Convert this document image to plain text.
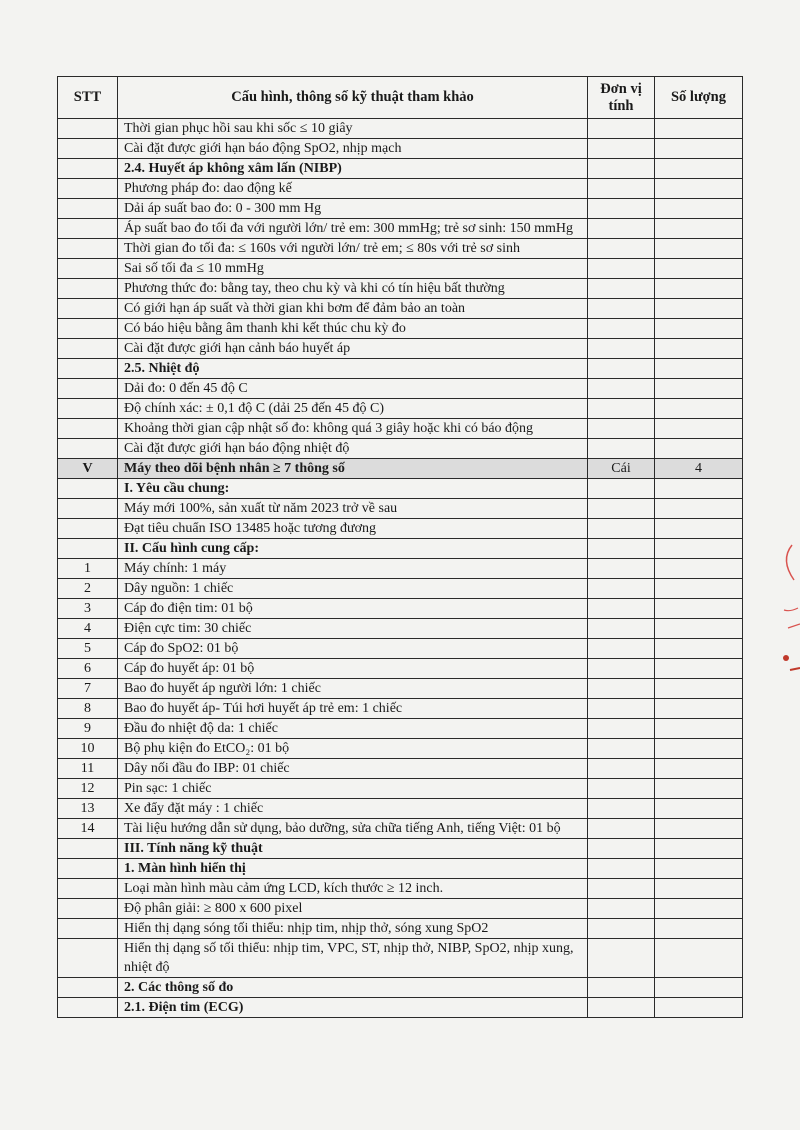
STT	Cấu hình, thông số kỹ thuật tham khảo	Đơn vị tính	Số lượng
	Thời gian phục hồi sau khi sốc ≤ 10 giây		
	Cài đặt được giới hạn báo động SpO2, nhịp mạch		
	2.4. Huyết áp không xâm lấn (NIBP)		
	Phương pháp đo: dao động kế		
	Dải áp suất bao đo: 0 - 300 mm Hg		
	Áp suất bao đo tối đa với người lớn/ trẻ em: 300 mmHg; trẻ sơ sinh: 150 mmHg		
	Thời gian đo tối đa: ≤ 160s với người lớn/ trẻ em; ≤ 80s với trẻ sơ sinh		
	Sai số tối đa ≤ 10 mmHg		
	Phương thức đo: bằng tay, theo chu kỳ và khi có tín hiệu bất thường		
	Có giới hạn áp suất và thời gian khi bơm để đảm bảo an toàn		
	Có báo hiệu bằng âm thanh khi kết thúc chu kỳ đo		
	Cài đặt được giới hạn cảnh báo huyết áp		
	2.5. Nhiệt độ		
	Dải đo: 0 đến 45 độ C		
	Độ chính xác: ± 0,1 độ C (dải 25 đến 45 độ C)		
	Khoảng thời gian cập nhật số đo: không quá 3 giây hoặc khi có báo động		
	Cài đặt được giới hạn báo động nhiệt độ		
V	Máy theo dõi bệnh nhân ≥ 7 thông số	Cái	4
	I. Yêu cầu chung:		
	Máy mới 100%, sản xuất từ năm 2023 trở về sau		
	Đạt tiêu chuẩn ISO 13485 hoặc tương đương		
	II. Cấu hình cung cấp:		
1	Máy chính: 1 máy		
2	Dây nguồn: 1 chiếc		
3	Cáp đo điện tim: 01 bộ		
4	Điện cực tim: 30 chiếc		
5	Cáp đo SpO2: 01 bộ		
6	Cáp đo huyết áp: 01 bộ		
7	Bao đo huyết áp người lớn: 1 chiếc		
8	Bao đo huyết áp- Túi hơi huyết áp trẻ em: 1 chiếc		
9	Đầu đo nhiệt độ da: 1 chiếc		
10	Bộ phụ kiện đo EtCO₂: 01 bộ		
11	Dây nối đầu đo IBP: 01 chiếc		
12	Pin sạc: 1 chiếc		
13	Xe đẩy đặt máy : 1 chiếc		
14	Tài liệu hướng dẫn sử dụng, bảo dưỡng, sửa chữa tiếng Anh, tiếng Việt: 01 bộ		
	III. Tính năng kỹ thuật		
	1. Màn hình hiển thị		
	Loại màn hình màu cảm ứng LCD, kích thước ≥ 12 inch.		
	Độ phân giải: ≥ 800 x 600 pixel		
	Hiển thị dạng sóng tối thiểu: nhịp tim, nhịp thở, sóng xung SpO2		
	Hiển thị dạng số tối thiểu: nhịp tim, VPC, ST, nhịp thở, NIBP, SpO2, nhịp xung, nhiệt độ		
	2. Các thông số đo		
	2.1. Điện tim (ECG)		
